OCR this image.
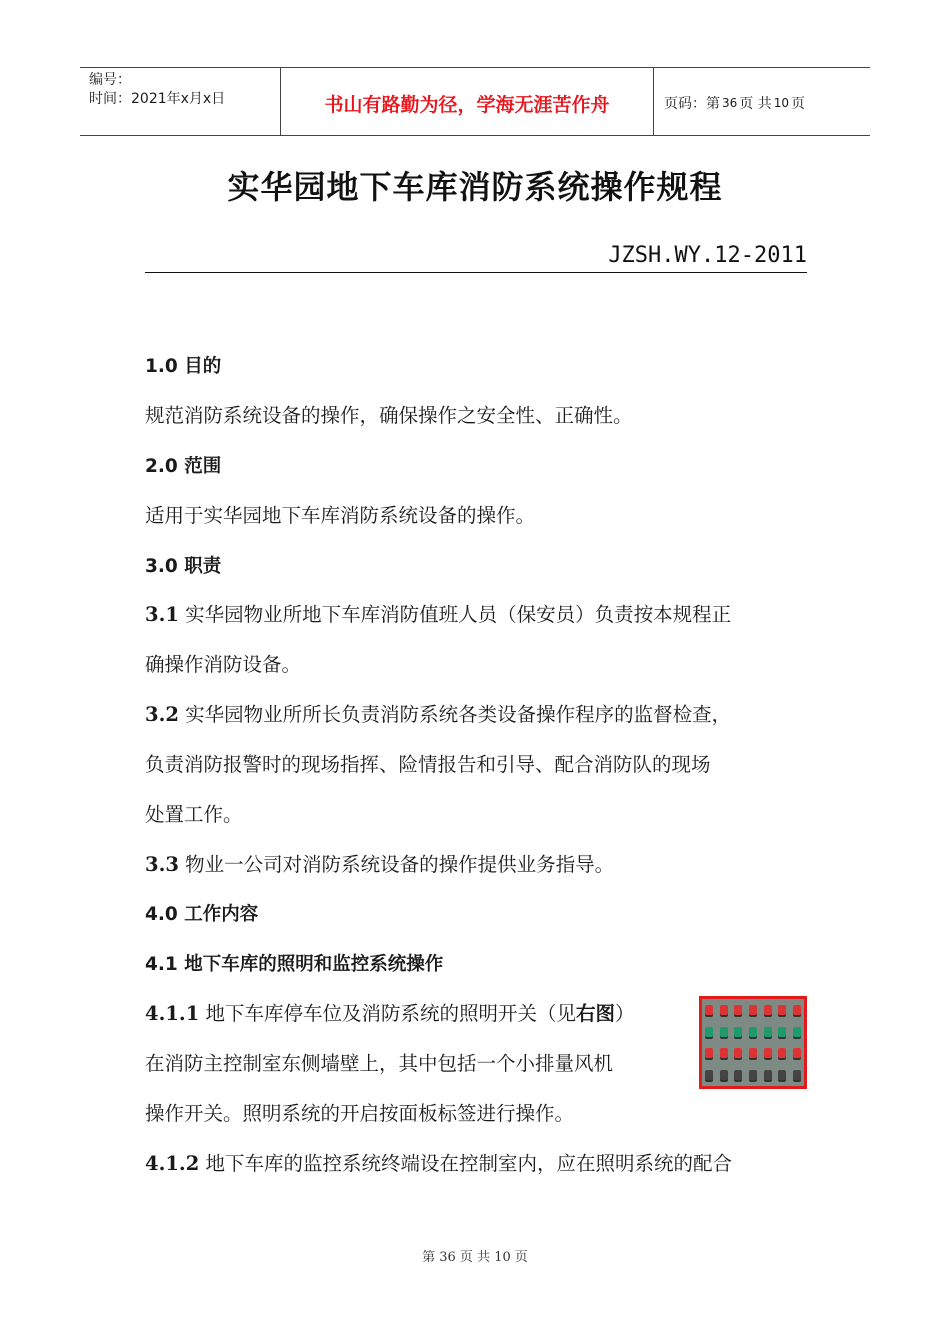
编号：
时间：2021年x月x日	书山有路勤为径，学海无涯苦作舟	页码：第 36 页 共 10 页
实华园地下车库消防系统操作规程
JZSH.WY.12-2011
1.0 目的
规范消防系统设备的操作，确保操作之安全性、正确性。
2.0 范围
适用于实华园地下车库消防系统设备的操作。
3.0 职责
3.1 实华园物业所地下车库消防值班人员（保安员）负责按本规程正
确操作消防设备。
3.2 实华园物业所所长负责消防系统各类设备操作程序的监督检查，
负责消防报警时的现场指挥、险情报告和引导、配合消防队的现场
处置工作。
3.3 物业一公司对消防系统设备的操作提供业务指导。
4.0 工作内容
4.1 地下车库的照明和监控系统操作
4.1.1 地下车库停车位及消防系统的照明开关（见右图）
在消防主控制室东侧墙壁上，其中包括一个小排量风机
操作开关。照明系统的开启按面板标签进行操作。
4.1.2 地下车库的监控系统终端设在控制室内，应在照明系统的配合
第 36 页 共 10 页
